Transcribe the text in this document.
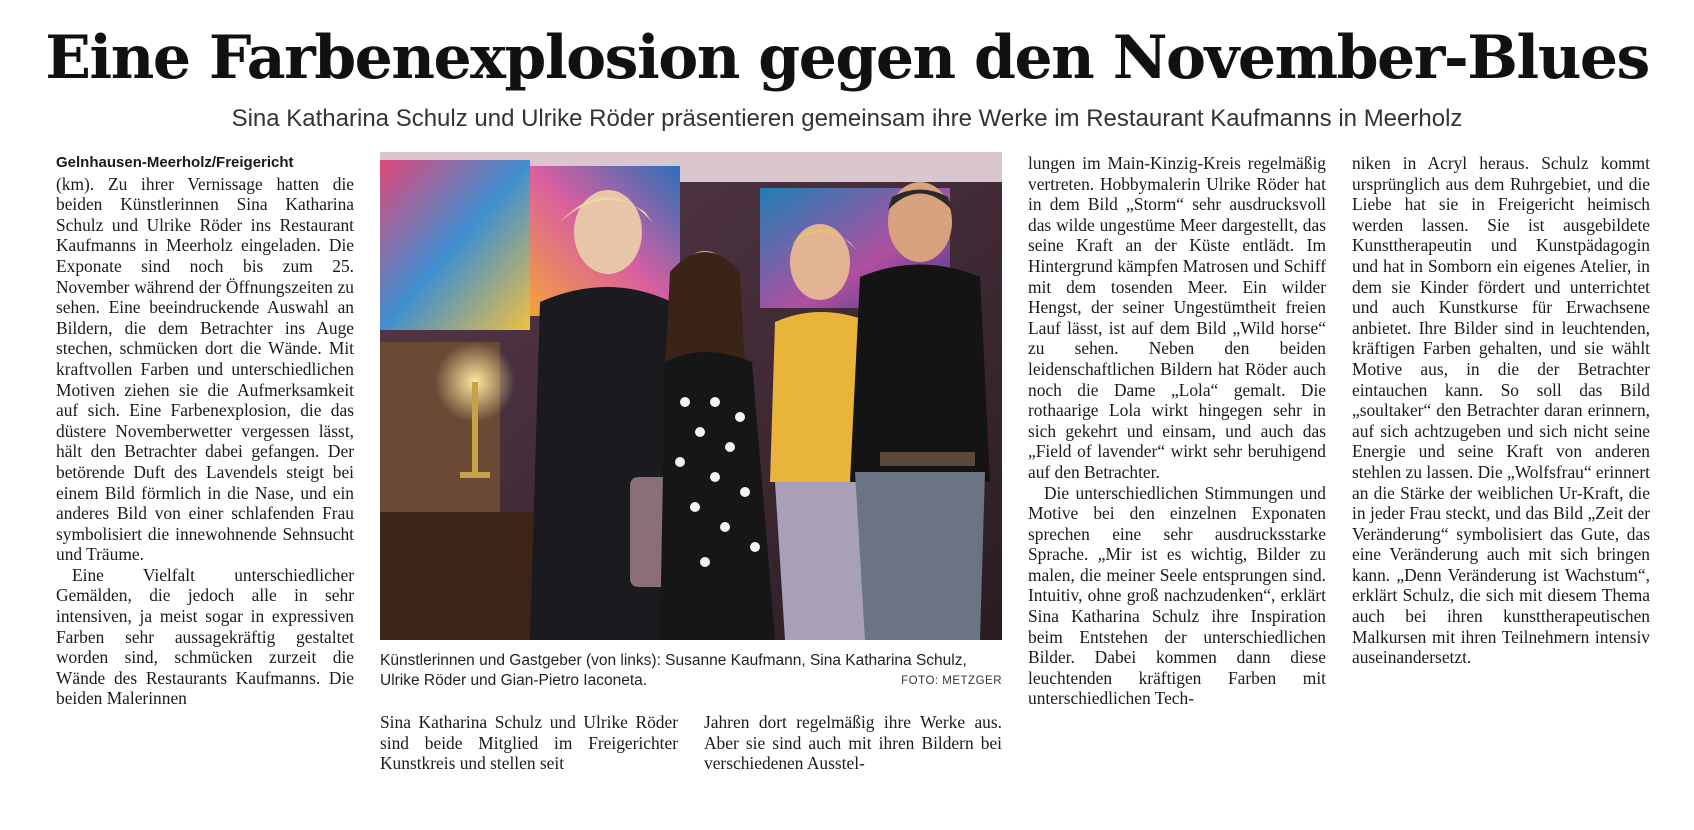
Eine Farbenexplosion gegen den November-Blues
Sina Katharina Schulz und Ulrike Röder präsentieren gemeinsam ihre Werke im Restaurant Kaufmanns in Meerholz
Gelnhausen-Meerholz/Freigericht

(km). Zu ihrer Vernissage hatten die beiden Künstlerinnen Sina Katharina Schulz und Ulrike Röder ins Restaurant Kaufmanns in Meerholz eingeladen. Die Exponate sind noch bis zum 25. November während der Öffnungszeiten zu sehen. Eine beeindruckende Auswahl an Bildern, die dem Betrachter ins Auge stechen, schmücken dort die Wände. Mit kraftvollen Farben und unterschiedlichen Motiven ziehen sie die Aufmerksamkeit auf sich. Eine Farbenexplosion, die das düstere Novemberwetter vergessen lässt, hält den Betrachter dabei gefangen. Der betörende Duft des Lavendels steigt bei einem Bild förmlich in die Nase, und ein anderes Bild von einer schlafenden Frau symbolisiert die innewohnende Sehnsucht und Träume.

Eine Vielfalt unterschiedlicher Gemälden, die jedoch alle in sehr intensiven, ja meist sogar in expressiven Farben sehr aussagekräftig gestaltet worden sind, schmücken zurzeit die Wände des Restaurants Kaufmanns. Die beiden Malerinnen

Künstlerinnen und Gastgeber (von links): Susanne Kaufmann, Sina Katharina Schulz, Ulrike Röder und Gian-Pietro Iaconeta.	FOTO: METZGER

Sina Katharina Schulz und Ulrike Röder sind beide Mitglied im Freigerichter Kunstkreis und stellen seit

Jahren dort regelmäßig ihre Werke aus. Aber sie sind auch mit ihren Bildern bei verschiedenen Ausstel-

lungen im Main-Kinzig-Kreis regelmäßig vertreten. Hobbymalerin Ulrike Röder hat in dem Bild „Storm“ sehr ausdrucksvoll das wilde ungestüme Meer dargestellt, das seine Kraft an der Küste entlädt. Im Hintergrund kämpfen Matrosen und Schiff mit dem tosenden Meer. Ein wilder Hengst, der seiner Ungestümtheit freien Lauf lässt, ist auf dem Bild „Wild horse“ zu sehen. Neben den beiden leidenschaftlichen Bildern hat Röder auch noch die Dame „Lola“ gemalt. Die rothaarige Lola wirkt hingegen sehr in sich gekehrt und einsam, und auch das „Field of lavender“ wirkt sehr beruhigend auf den Betrachter.

Die unterschiedlichen Stimmungen und Motive bei den einzelnen Exponaten sprechen eine sehr ausdrucksstarke Sprache. „Mir ist es wichtig, Bilder zu malen, die meiner Seele entsprungen sind. Intuitiv, ohne groß nachzudenken“, erklärt Sina Katharina Schulz ihre Inspiration beim Entstehen der unterschiedlichen Bilder. Dabei kommen dann diese leuchtenden kräftigen Farben mit unterschiedlichen Tech-

niken in Acryl heraus. Schulz kommt ursprünglich aus dem Ruhrgebiet, und die Liebe hat sie in Freigericht heimisch werden lassen. Sie ist ausgebildete Kunsttherapeutin und Kunstpädagogin und hat in Somborn ein eigenes Atelier, in dem sie Kinder fördert und unterrichtet und auch Kunstkurse für Erwachsene anbietet. Ihre Bilder sind in leuchtenden, kräftigen Farben gehalten, und sie wählt Motive aus, in die der Betrachter eintauchen kann. So soll das Bild „soultaker“ den Betrachter daran erinnern, auf sich achtzugeben und sich nicht seine Energie und seine Kraft von anderen stehlen zu lassen. Die „Wolfsfrau“ erinnert an die Stärke der weiblichen Ur-Kraft, die in jeder Frau steckt, und das Bild „Zeit der Veränderung“ symbolisiert das Gute, das eine Veränderung auch mit sich bringen kann. „Denn Veränderung ist Wachstum“, erklärt Schulz, die sich mit diesem Thema auch bei ihren kunsttherapeutischen Malkursen mit ihren Teilnehmern intensiv auseinandersetzt.
